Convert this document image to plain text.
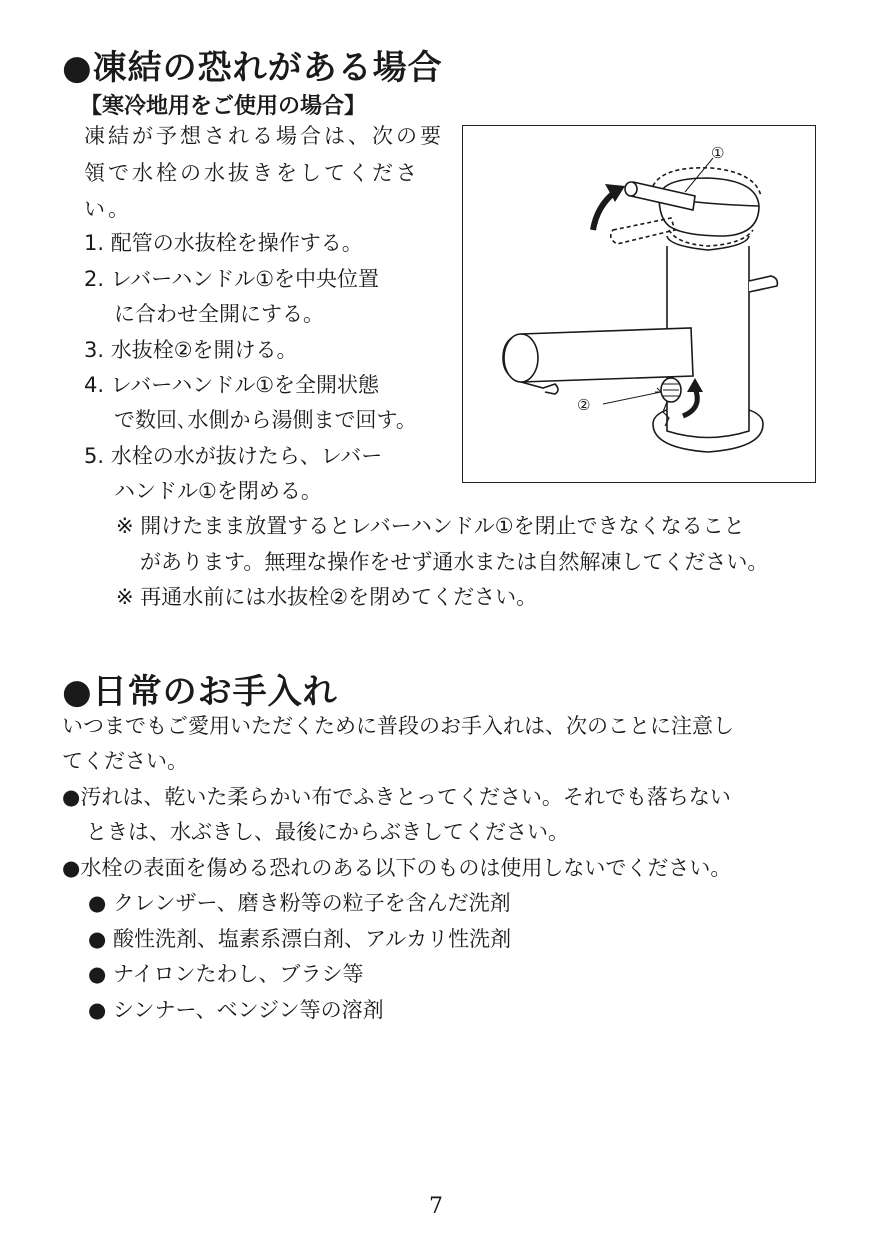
●凍結の恐れがある場合
【寒冷地用をご使用の場合】
凍結が予想される場合は、次の要
領で水栓の水抜きをしてくださ
い。
1. 配管の水抜栓を操作する。
2. レバーハンドル①を中央位置
に合わせ全開にする。
3. 水抜栓②を開ける。
4. レバーハンドル①を全開状態
で数回､水側から湯側まで回す。
5. 水栓の水が抜けたら、レバー
ハンドル①を閉める。
①
②
※ 開けたまま放置するとレバーハンドル①を閉止できなくなること
があります。無理な操作をせず通水または自然解凍してください。
※ 再通水前には水抜栓②を閉めてください。
●日常のお手入れ
いつまでもご愛用いただくために普段のお手入れは、次のことに注意し
てください。
●汚れは、乾いた柔らかい布でふきとってください。それでも落ちない
ときは、水ぶきし、最後にからぶきしてください。
●水栓の表面を傷める恐れのある以下のものは使用しないでください。
● クレンザー、磨き粉等の粒子を含んだ洗剤
● 酸性洗剤、塩素系漂白剤、アルカリ性洗剤
● ナイロンたわし、ブラシ等
● シンナー、ベンジン等の溶剤
7
